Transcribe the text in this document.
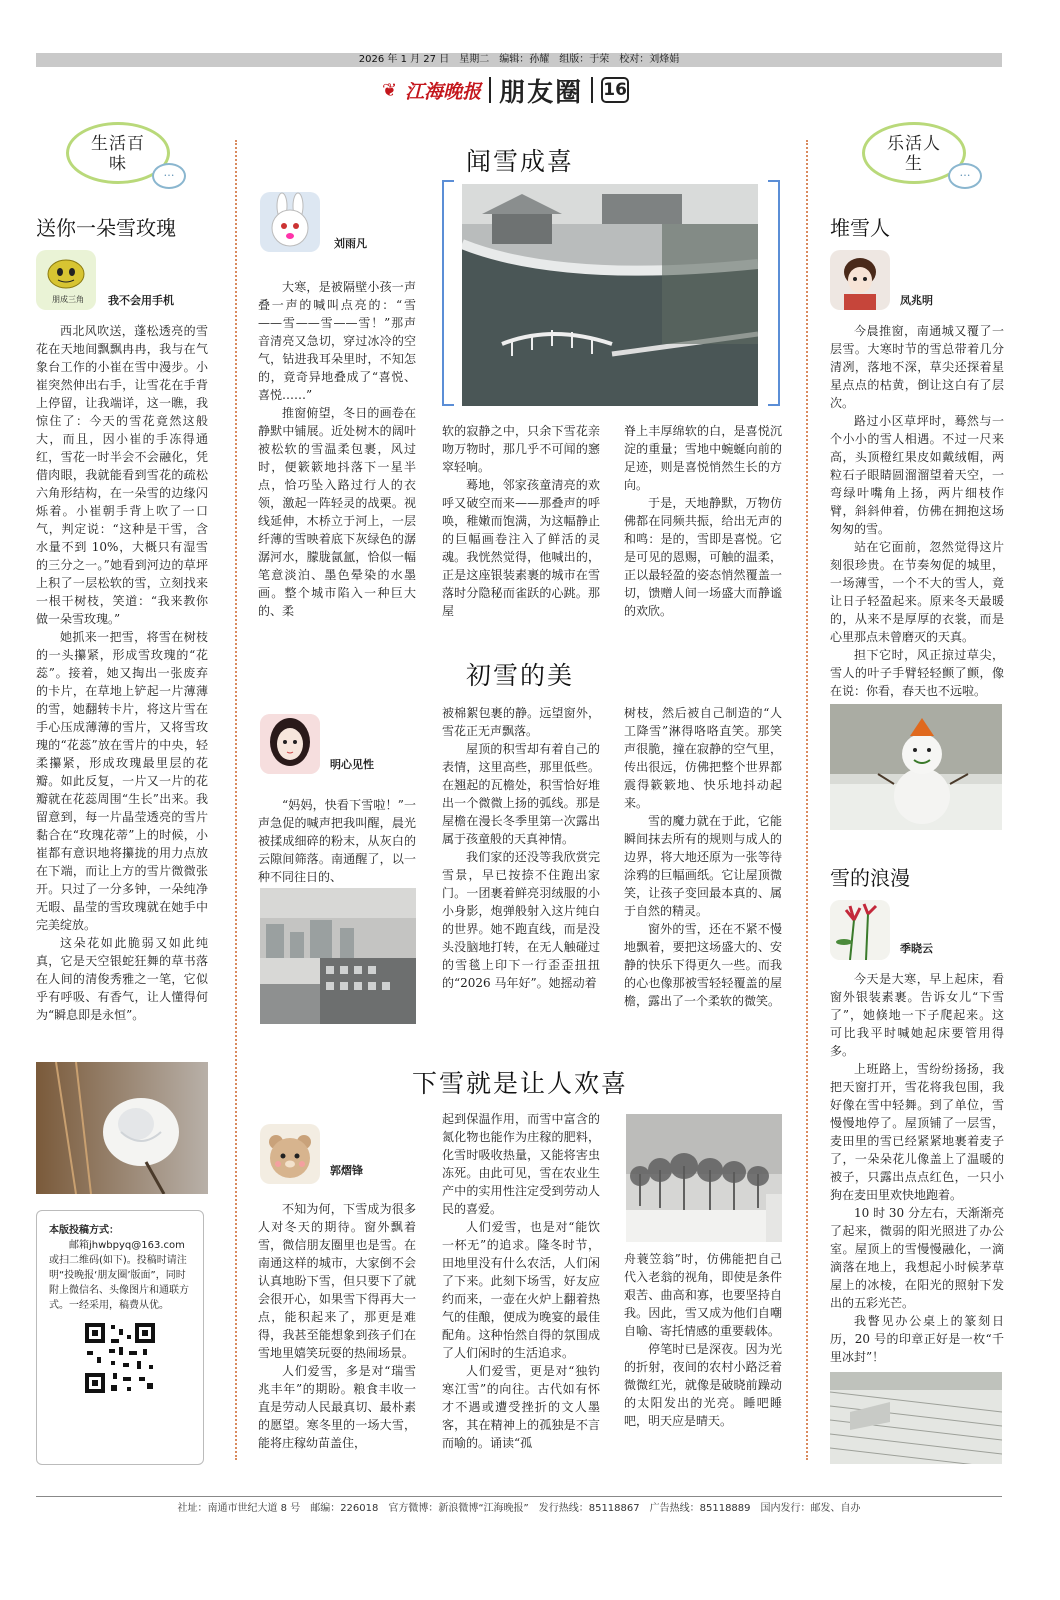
2026 年 1 月 27 日　星期二　编辑：孙耀　组版：于荣　校对：刘烽娟
❦ 江海晚报 朋友圈 16
生活百味	…
送你一朵雪玫瑰
朋成三角	我不会用手机

西北风吹送，蓬松透亮的雪花在天地间飘飘冉冉，我与在气象台工作的小崔在雪中漫步。小崔突然伸出右手，让雪花在手背上停留，让我端详，这一瞧，我惊住了：今天的雪花竟然这般大，而且，因小崔的手冻得通红，雪花一时半会不会融化，凭借肉眼，我就能看到雪花的疏松六角形结构，在一朵雪的边缘闪烁着。小崔朝手背上吹了一口气，判定说：“这种是干雪，含水量不到 10%，大概只有湿雪的三分之一。”她看到河边的草坪上积了一层松软的雪，立刻找来一根干树枝，笑道：“我来教你做一朵雪玫瑰。”

她抓来一把雪，将雪在树枝的一头攥紧，形成雪玫瑰的“花蕊”。接着，她又掏出一张废弃的卡片，在草地上铲起一片薄薄的雪，她翻转卡片，将这片雪在手心压成薄薄的雪片，又将雪玫瑰的“花蕊”放在雪片的中央，轻柔攥紧，形成玫瑰最里层的花瓣。如此反复，一片又一片的花瓣就在花蕊周围“生长”出来。我留意到，每一片晶莹透亮的雪片黏合在“玫瑰花蒂”上的时候，小崔都有意识地将攥拢的用力点放在下端，而让上方的雪片微微张开。只过了一分多钟，一朵纯净无暇、晶莹的雪玫瑰就在她手中完美绽放。

这朵花如此脆弱又如此纯真，它是天空银蛇狂舞的草书落在人间的清俊秀雅之一笔，它似乎有呼吸、有香气，让人懂得何为“瞬息即是永恒”。

本版投稿方式：
邮箱jhwbpyq@163.com或扫二维码(如下)。投稿时请注明“投晚报‘朋友圈’版面”，同时附上微信名、头像图片和通联方式。一经采用，稿费从优。
闻雪成喜
刘雨凡

大寒，是被隔壁小孩一声叠一声的喊叫点亮的：“雪——雪——雪——雪！”那声音清亮又急切，穿过冰冷的空气，钻进我耳朵里时，不知怎的，竟奇异地叠成了“喜悦、喜悦……”

推窗俯望，冬日的画卷在静默中铺展。近处树木的阔叶被松软的雪温柔包裹，风过时，便簌簌地抖落下一星半点，恰巧坠入路过行人的衣领，激起一阵轻灵的战栗。视线延伸，木桥立于河上，一层纤薄的雪映着底下灰绿色的潺潺河水，朦胧氤氲，恰似一幅笔意淡泊、墨色晕染的水墨画。整个城市陷入一种巨大的、柔

软的寂静之中，只余下雪花亲吻万物时，那几乎不可闻的窸窣轻响。

蓦地，邻家孩童清亮的欢呼又破空而来——那叠声的呼唤，稚嫩而饱满，为这幅静止的巨幅画卷注入了鲜活的灵魂。我恍然觉得，他喊出的，正是这座银装素裹的城市在雪落时分隐秘而雀跃的心跳。那屋

脊上丰厚绵软的白，是喜悦沉淀的重量；雪地中蜿蜒向前的足迹，则是喜悦悄然生长的方向。

于是，天地静默，万物仿佛都在同频共振，给出无声的和鸣：是的，雪即是喜悦。它是可见的恩赐，可触的温柔，正以最轻盈的姿态悄然覆盖一切，馈赠人间一场盛大而静谧的欢欣。

初雪的美
明心见性

“妈妈，快看下雪啦！”一声急促的喊声把我叫醒，晨光被揉成细碎的粉末，从灰白的云隙间筛落。南通醒了，以一种不同往日的、

被棉絮包裹的静。远望窗外，雪花正无声飘落。

屋顶的积雪却有着自己的表情，这里高些，那里低些。在翘起的瓦檐处，积雪恰好堆出一个微微上扬的弧线。那是屋檐在漫长冬季里第一次露出属于孩童般的天真神情。

我们家的还没等我欣赏完雪景，早已按捺不住跑出家门。一团裹着鲜亮羽绒服的小小身影，炮弹般射入这片纯白的世界。她不跑直线，而是没头没脑地打转，在无人触碰过的雪毯上印下一行歪歪扭扭的“2026 马年好”。她摇动着

树枝，然后被自己制造的“人工降雪”淋得咯咯直笑。那笑声很脆，撞在寂静的空气里，传出很远，仿佛把整个世界都震得簌簌地、快乐地抖动起来。

雪的魔力就在于此，它能瞬间抹去所有的规则与成人的边界，将大地还原为一张等待涂鸦的巨幅画纸。它让屋顶微笑，让孩子变回最本真的、属于自然的精灵。

窗外的雪，还在不紧不慢地飘着，要把这场盛大的、安静的快乐下得更久一些。而我的心也像那被雪轻轻覆盖的屋檐，露出了一个柔软的微笑。

下雪就是让人欢喜
郭熠锋

不知为何，下雪成为很多人对冬天的期待。窗外飘着雪，微信朋友圈里也是雪。在南通这样的城市，大家倒不会认真地盼下雪，但只要下了就会很开心，如果雪下得再大一点，能积起来了，那更是难得，我甚至能想象到孩子们在雪地里嬉笑玩耍的热闹场景。

人们爱雪，多是对“瑞雪兆丰年”的期盼。粮食丰收一直是劳动人民最真切、最朴素的愿望。寒冬里的一场大雪，能将庄稼幼苗盖住，

起到保温作用，而雪中富含的氮化物也能作为庄稼的肥料，化雪时吸收热量，又能将害虫冻死。由此可见，雪在农业生产中的实用性注定受到劳动人民的喜爱。

人们爱雪，也是对“能饮一杯无”的追求。隆冬时节，田地里没有什么农活，人们闲了下来。此刻下场雪，好友应约而来，一壶在火炉上翻着热气的佳酿，便成为晚宴的最佳配角。这种怡然自得的氛围成了人们闲时的生活追求。

人们爱雪，更是对“独钓寒江雪”的向往。古代如有怀才不遇或遭受挫折的文人墨客，其在精神上的孤独是不言而喻的。诵读“孤

舟蓑笠翁”时，仿佛能把自己代入老翁的视角，即使是条件艰苦、曲高和寡，也要坚持自我。因此，雪又成为他们自嘲自喻、寄托情感的重要载体。

停笔时已是深夜。因为光的折射，夜间的农村小路泛着微微红光，就像是破晓前躁动的太阳发出的光亮。睡吧睡吧，明天应是晴天。

乐活人生	…
堆雪人
凤兆明

今晨推窗，南通城又覆了一层雪。大寒时节的雪总带着几分清冽，落地不深，草尖还探着星星点点的枯黄，倒让这白有了层次。

路过小区草坪时，蓦然与一个小小的雪人相遇。不过一尺来高，头顶橙红果皮如戴绒帽，两粒石子眼睛圆溜溜望着天空，一弯绿叶嘴角上扬，两片细枝作臂，斜斜伸着，仿佛在拥抱这场匆匆的雪。

站在它面前，忽然觉得这片刻很珍贵。在节奏匆促的城里，一场薄雪，一个不大的雪人，竟让日子轻盈起来。原来冬天最暖的，从来不是厚厚的衣裳，而是心里那点未曾磨灭的天真。

担下它时，风正掠过草尖，雪人的叶子手臂轻轻颤了颤，像在说：你看，春天也不远啦。

雪的浪漫
季晓云

今天是大寒，早上起床，看窗外银装素裹。告诉女儿“下雪了”，她倏地一下子爬起来。这可比我平时喊她起床要管用得多。

上班路上，雪纷纷扬扬，我把天窗打开，雪花将我包围，我好像在雪中轻舞。到了单位，雪慢慢地停了。屋顶铺了一层雪，麦田里的雪已经紧紧地裹着麦子了，一朵朵花儿像盖上了温暖的被子，只露出点点红色，一只小狗在麦田里欢快地跑着。

10 时 30 分左右，天渐渐亮了起来，微弱的阳光照进了办公室。屋顶上的雪慢慢融化，一滴滴落在地上，我想起小时候茅草屋上的冰棱，在阳光的照射下发出的五彩光芒。

我瞥见办公桌上的篆刻日历，20 号的印章正好是一枚“千里冰封”！

社址：南通市世纪大道 8 号　邮编：226018　官方微博：新浪微博“江海晚报”　发行热线：85118867　广告热线：85118889　国内发行：邮发、自办
